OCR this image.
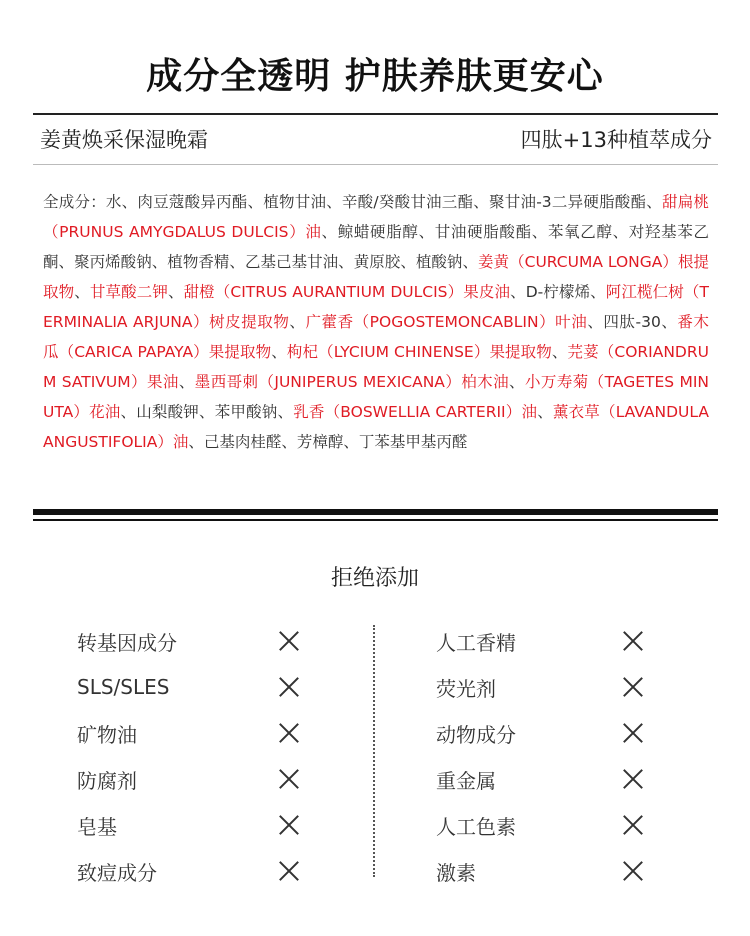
成分全透明 护肤养肤更安心
姜黄焕采保湿晚霜	四肽+13种植萃成分
全成分：水、肉豆蔻酸异丙酯、植物甘油、辛酸/癸酸甘油三酯、聚甘油-3二异硬脂酸酯、甜扁桃（PRUNUS AMYGDALUS DULCIS）油、鲸蜡硬脂醇、甘油硬脂酸酯、苯氧乙醇、对羟基苯乙酮、聚丙烯酸钠、植物香精、乙基己基甘油、黄原胶、植酸钠、姜黄（CURCUMA LONGA）根提取物、甘草酸二钾、甜橙（CITRUS AURANTIUM DULCIS）果皮油、D-柠檬烯、阿江榄仁树（TERMINALIA ARJUNA）树皮提取物、广藿香（POGOSTEMONCABLIN）叶油、四肽-30、番木瓜（CARICA PAPAYA）果提取物、枸杞（LYCIUM CHINENSE）果提取物、芫荽（CORIANDRUM SATIVUM）果油、墨西哥刺（JUNIPERUS MEXICANA）柏木油、小万寿菊（TAGETES MINUTA）花油、山梨酸钾、苯甲酸钠、乳香（BOSWELLIA CARTERII）油、薰衣草（LAVANDULA ANGUSTIFOLIA）油、己基肉桂醛、芳樟醇、丁苯基甲基丙醛
拒绝添加
转基因成分
SLS/SLES
矿物油
防腐剂
皂基
致痘成分
人工香精
荧光剂
动物成分
重金属
人工色素
激素
